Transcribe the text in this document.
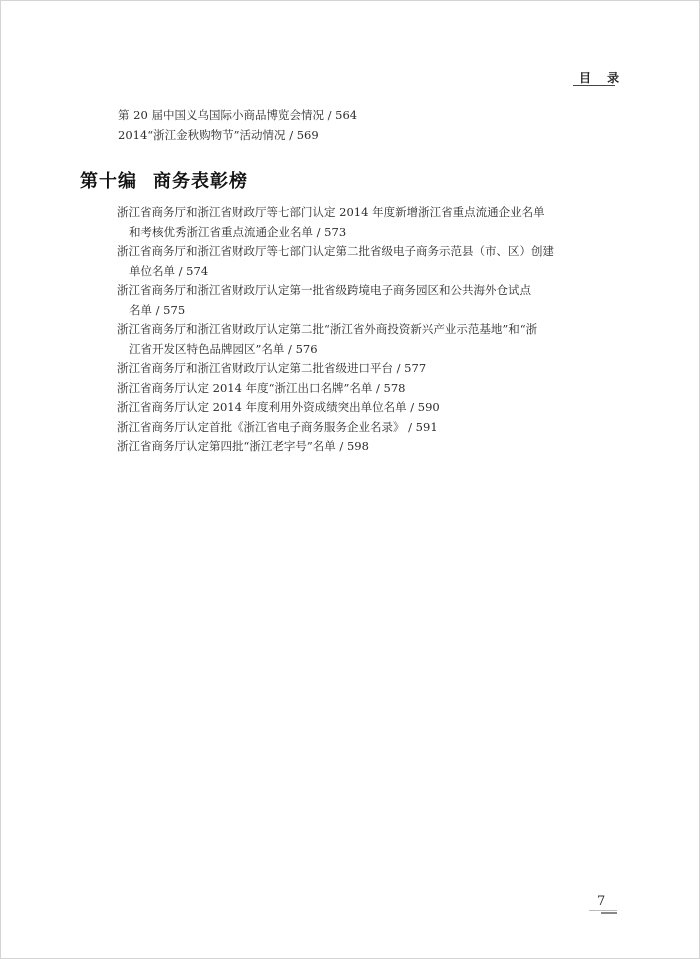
目 录
第 20 届中国义乌国际小商品博览会情况 / 564
2014“浙江金秋购物节”活动情况 / 569
第十编 商务表彰榜
浙江省商务厅和浙江省财政厅等七部门认定 2014 年度新增浙江省重点流通企业名单
和考核优秀浙江省重点流通企业名单 / 573
浙江省商务厅和浙江省财政厅等七部门认定第二批省级电子商务示范县（市、区）创建
单位名单 / 574
浙江省商务厅和浙江省财政厅认定第一批省级跨境电子商务园区和公共海外仓试点
名单 / 575
浙江省商务厅和浙江省财政厅认定第二批“浙江省外商投资新兴产业示范基地”和“浙
江省开发区特色品牌园区”名单 / 576
浙江省商务厅和浙江省财政厅认定第二批省级进口平台 / 577
浙江省商务厅认定 2014 年度“浙江出口名牌”名单 / 578
浙江省商务厅认定 2014 年度利用外资成绩突出单位名单 / 590
浙江省商务厅认定首批《浙江省电子商务服务企业名录》 / 591
浙江省商务厅认定第四批“浙江老字号”名单 / 598
7
